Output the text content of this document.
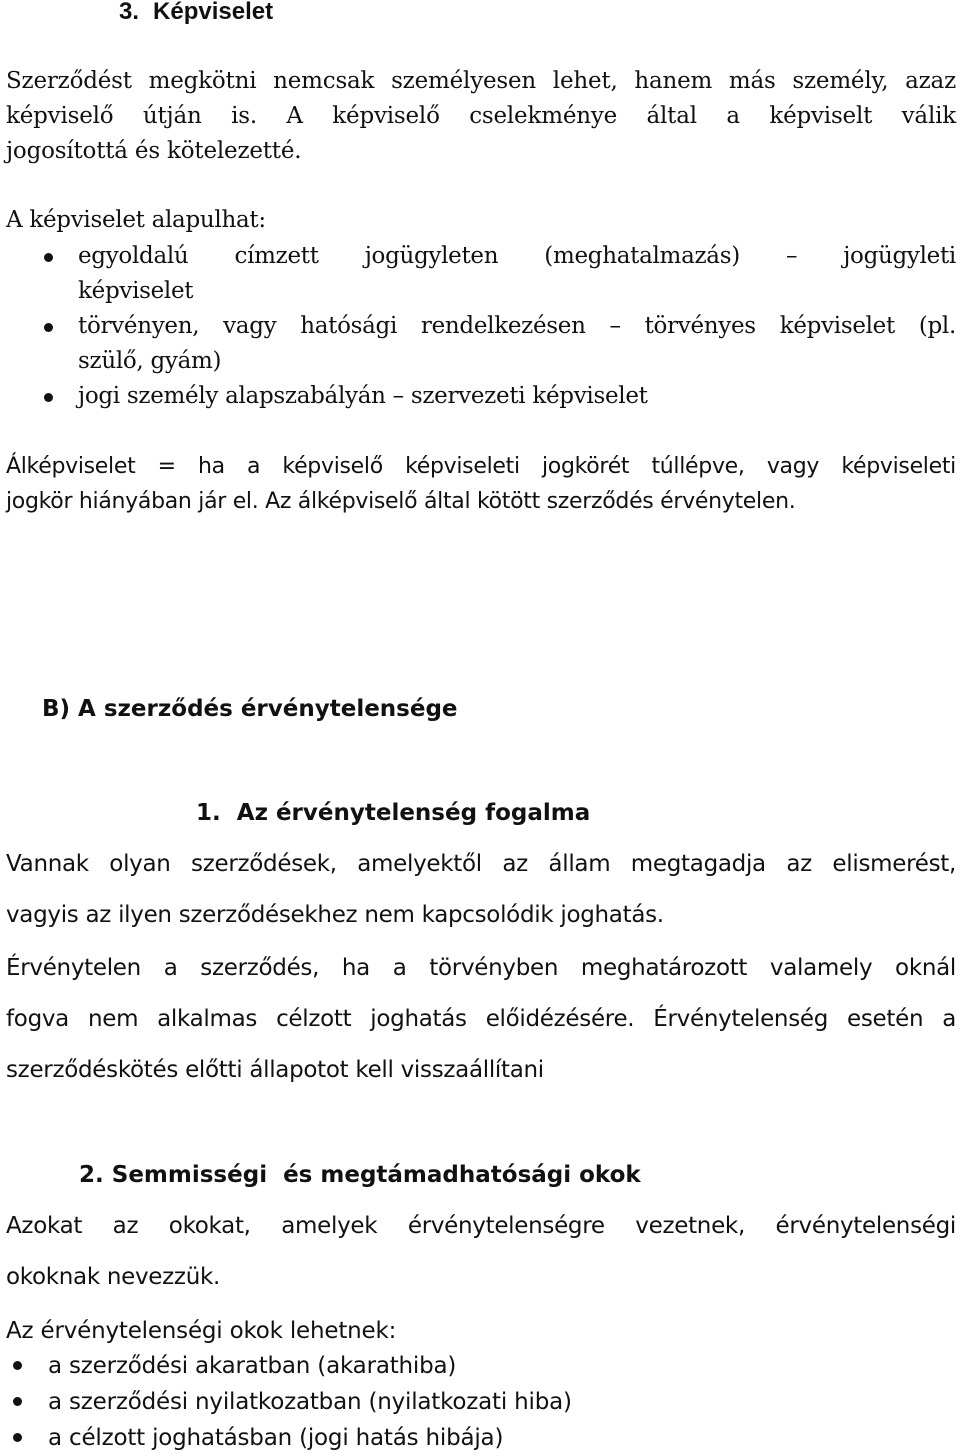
3. Képviselet
Szerződést megkötni nemcsak személyesen lehet, hanem más személy, azaz
képviselő útján is. A képviselő cselekménye által a képviselt válik
jogosítottá és kötelezetté.

A képviselet alapulhat:

egyoldalú címzett jogügyleten (meghatalmazás) – jogügyleti
képviselet
törvényen, vagy hatósági rendelkezésen – törvényes képviselet (pl.
szülő, gyám)
jogi személy alapszabályán – szervezeti képviselet
Álképviselet = ha a képviselő képviseleti jogkörét túllépve, vagy képviseleti
jogkör hiányában jár el. Az álképviselő által kötött szerződés érvénytelen.
B) A szerződés érvénytelensége
1. Az érvénytelenség fogalma
Vannak olyan szerződések, amelyektől az állam megtagadja az elismerést,
vagyis az ilyen szerződésekhez nem kapcsolódik joghatás.
Érvénytelen a szerződés, ha a törvényben meghatározott valamely oknál
fogva nem alkalmas célzott joghatás előidézésére. Érvénytelenség esetén a
szerződéskötés előtti állapotot kell visszaállítani
2. Semmisségi  és megtámadhatósági okok
Azokat az okokat, amelyek érvénytelenségre vezetnek, érvénytelenségi
okoknak nevezzük.

Az érvénytelenségi okok lehetnek:

a szerződési akaratban (akarathiba)
a szerződési nyilatkozatban (nyilatkozati hiba)
a célzott joghatásban (jogi hatás hibája)
